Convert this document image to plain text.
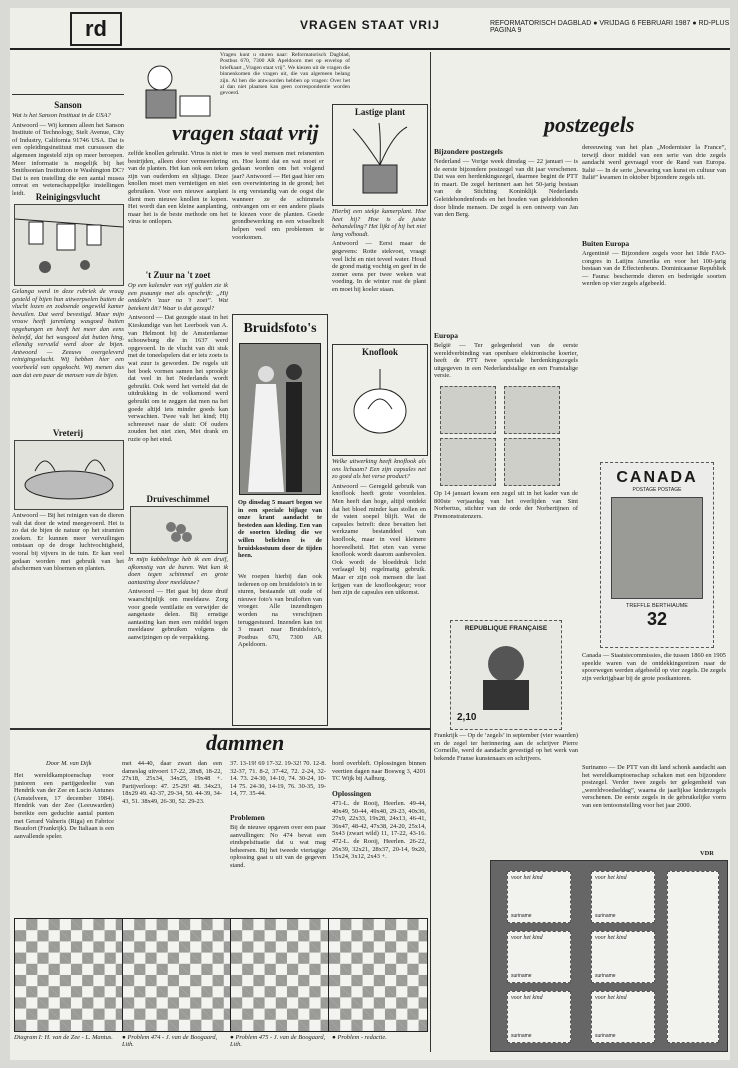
rd	VRAGEN STAAT VRIJ	REFORMATORISCH DAGBLAD ● VRIJDAG 6 FEBRUARI 1987 ● RD-PLUS PAGINA 9
Sanson

Wat is het Sanson Instituut in de USA?

Antwoord — Wij kennen alleen het Sanson Institute of Technology, Stelt Avenue, City of Industry, California 91746 USA. Dat is een opleidingsinstituut met cursussen die algemeen ingesteld zijn op meer beroepen. Meer informatie is mogelijk bij het Smithsonian Institution te Washington DC? Dat is een instelling die een aantal musea omvat en wetenschappelijke instellingen leidt.	Reinigingsvlucht

Gelanga werd in deze rubriek de vraag gesteld of bijen hun uitwerpselen buiten de vlucht lozen en zodoende ongewild kamer bevuilen. Dat werd bevestigd. Maar mijn vrouw heeft jarenlang wasgoed buiten opgehangen en heeft het meer dan eens beleefd, dat het wasgoed dat buiten hing, ellendig vervuild werd door de bijen. Antwoord — Zeeuws overgeleverd reinigingsvlucht. Wij hebben hier een voorbeeld van opgekocht. Wij menen dus aan dat een paar de mensen van de bijen.

Vreterij

Antwoord — Bij het reinigen van de dieren valt dat door de wind meegevoerd. Het is zo dat de bijen de natuur op het stramien zoeken. Er kunnen meer vervuilingen ontstaan op de droge luchtvochtigheid, vooral bij vijvers in de tuin. Er kan veel gedaan worden met gebruik van het afschermen van bloemen en planten.

Vragen kunt u sturen naar: Reformatorisch Dagblad, Postbus 670, 7300 AR Apeldoorn met op envelop of briefkaart „Vragen staat vrij”. We kiezen uit de vragen die binnenkomen die vragen uit, die van algemeen belang zijn. Al hen die antwoorden hebben op vragen: Over het al dan niet plaatsen kan geen correspondentie worden gevoerd.
vragen staat vrij
zelfde knollen gebruikt. Virus is niet te bestrijden, alleen door vermeerdering van de planten. Het kan ook een teken zijn van ouderdom en slijtage. Deze knollen moet men vernietigen en niet gebruiken. Voor een nieuwe aanplant dient men nieuwe knollen te kopen. Het wordt dan een kleine aanplanting, maar het is de beste methode om het virus te ontlopen.
't Zuur na 't zoet

Op een kalender van vijf gulden zie ik een psaumje met als opschrift: „Hij ontdekt'n 'zuur na 't zoet”. Wat betekent dit? Waar is dat gezegd?

Antwoord — Dat gezegde staat in het Kieskundige van het Leerboek van A. van Helmont bij de Amsterdamse schouwburg die in 1637 werd opgevoerd. In de vlucht van dit stuk met de toneelspelers dat er iets zoets is wat zuur is geworden. De regels uit het boek vormen samen het sprookje dat veel in het Nederlands wordt gebruikt. Ook werd het verteld dat de uitdrukking in de volksmond werd gebruikt om te zeggen dat men na het goede altijd iets minder goeds kan verwachten. Twee valt het kind; Hij schreeuwt naar de sluit: Of ouders zouden het niet zien, Met drank en ruzie op het eind.

Druiveschimmel

In mijn kabbelinge heb ik een druif, afkomstig van de buren. Wat kan ik doen tegen schimmel en grote aantasting door meeldauw?

Antwoord — Het gaat bij deze druif waarschijnlijk om meeldauw. Zorg voor goede ventilatie en verwijder de aangetaste delen. Bij ernstige aantasting kan men een middel tegen meeldauw gebruiken volgens de aanwijzingen op de verpakking.

mes te veel mensen met reisnenten en. Hoe komt dat en wat moet er gedaan worden om het volgend jaar? Antwoord — Het gaat hier om een overwintering in de grond; het is erg verstandig van de oogst die wanneer ze de schimmels ontvangen om er een andere plaats te kiezen voor de planten. Goede grondbewerking en een wisselteelt helpen veel om problemen te voorkomen.
Bruidsfoto's
Op dinsdag 5 maart begon we in een speciale bijlage van onze krant aandacht te besteden aan kleding. Een van de soorten kleding die we willen belichten is de bruidskostuum door de tijden heen.
We roepen hierbij dan ook iedereen op om bruidsfoto's in te sturen, bestaande uit oude of nieuwe foto's van bruiloften van vroeger. Alle inzendingen worden na verschijnen teruggestuurd. Inzenden kan tot 3 maart naar Bruidsfoto's, Postbus 670, 7300 AR Apeldoorn.
Lastige plant

Hierbij een stekje kamerplant. Hoe heet hij? Hoe is de juiste behandeling? Het lijkt of hij het niet lang volhoudt.

Antwoord — Eerst maar de gegevens: Rotte stekvoet, vraagt veel licht en niet teveel water. Houd de grond matig vochtig en geef in de zomer eens per twee weken wat voeding. In de winter rust de plant en moet hij koeler staan.

Knoflook

Welke uitwerking heeft knoflook als ons lichaam? Een zijn capsules net zo goed als het verse product?

Antwoord — Geregeld gebruik van knoflook heeft grote voordelen. Men heeft dan hoge, altijd ontdekt dat het bloed minder kan stollen en de vaten soepel blijft. Wat de capsules betreft: deze bevatten het werkzame bestanddeel van knoflook, maar in veel kleinere hoeveelheid. Het eten van verse knoflook wordt daarom aanbevolen. Ook wordt de bloeddruk licht verlaagd bij regelmatig gebruik. Maar er zijn ook mensen die last krijgen van de knoflookgeur; voor hen zijn de capsules een uitkomst.

postzegels
Bijzondere postzegels
Nederland — Vorige week dinsdag — 22 januari — is de eerste bijzondere postzegel van dit jaar verschenen. Dat was een herdenkingszegel, daarmee begint de PTT in maart. De zegel herinnert aan het 50-jarig bestaan van de Stichting Koninklijk Nederlands Geleidehondenfonds en het houden van geleidehonden door blinde mensen. De zegel is een ontwerp van Jan van den Berg.
Europa
België — Ter gelegenheid van de eerste wereldverbinding van openbare elektronische koerier, heeft de PTT twee speciale herdenkingszegels uitgegeven in een Nederlandstalige en een Franstalige versie.
Op 14 januari kwam een zegel uit in het kader van de 800ste verjaardag van het overlijden van Sint Norbertus, stichter van de orde der Norbertijnen of Premonstratenzers.
REPUBLIQUE FRANÇAISE
2,10
Frankrijk — Op de ‘zegels’ in september (vier waarden) en de zegel ter herinnering aan de schrijver Pierre Corneille, werd de aandacht gevestigd op het werk van bekende Franse kunstenaars en schrijvers.
dereeuwing van het plan „Modernisier la France”, terwijl door middel van een serie van drie zegels aandacht werd gevraagd voor de Rand van Europa. Italië — In de serie „bewaring van kunst en cultuur van Italië” kwamen in oktober bijzondere zegels uit.
Buiten Europa
Argentinië — Bijzondere zegels voor het 18de FAO-congres in Latijns Amerika en voor het 100-jarig bestaan van de Effectenbeurs. Dominicaanse Republiek — Fauna: beschermde dieren en bedreigde soorten werden op vier zegels afgebeeld.
CANADA
POSTAGE POSTAGE
TREFFLE BERTHIAUME
32
Canada — Staatsiecommissies, die tussen 1860 en 1905 speelde waren van de ontdekkingsreizen naar de spoorwegen werden afgebeeld op vier zegels. De zegels zijn verkrijgbaar bij de grote postkantoren.
Surinamo — De PTT van dit land schonk aandacht aan het wereldkampioenschap schaken met een bijzondere postzegel. Verder twee zegels ter gelegenheid van „wereldvoedseldag”, waarna de jaarlijkse kinderzegels verschenen. De eerste zegels in de gebruikelijke vorm van een tentoonstelling voor het jaar 2000.
VDR
voor het kind
suriname
voor het kind
suriname
voor het kind
suriname
voor het kind
suriname
voor het kind
suriname
voor het kind
suriname
dammen
Door M. van Dijk
Het wereldkampioenschap voor junioren een partijgedeelte van Hendrik van der Zee en Lucio Antunes (Amstelveen, 17 december 1984). Hendrik van der Zee (Leeuwarden) bereikte een geduchte aantal punten met Gerard Valneris (Riga) en Fabrice Beaufort (Frankrijk). De Italiaan is een aanvallende speler.
met 44-40, daar zwart dan een dameslag uitvoert 17-22, 28x8, 18-22, 27x18, 25x34, 34x25, 19x48 +. Partijverloop: 47. 25-29! 48. 34x23, 18x29 49. 42-37, 29-34, 50. 44-39, 34-43, 51. 38x49, 26-30, 52. 29-23.
37. 13-19! 69 17-32. 19-32! 70. 12-8. 32-37, 71. 8-2, 37-42, 72. 2-24, 32-14. 73. 24-30, 14-10, 74. 30-24, 10-14 75. 24-30, 14-19, 76. 30-35, 19-14, 77. 35-44.
Problemen
Bij de nieuwe opgaven over een paar aanvullingen: No 474 bevat een eindspelsituatie dat u wat mag beheersen. Bij het tweede viertagige oplossing gaat u uit van de gegeven stand.
bord overbleft. Oplossingen binnen veertien dagen naar Bosweg 3, 4201 TC Wijk bij Aalburg.
Oplossingen
471-L. de Rooij, Heerlen. 49-44, 40x49, 50-44, 49x40, 29-23, 40x36, 27x9, 22x33, 19x28, 24x13, 46-41, 36x47, 48-42, 47x38, 24-20, 25x14, 5x43 (zwart wild) 11, 17-22, 43-16. 472-L. de Rooij, Heerlen. 26-22, 26x39, 32x21, 28x37, 20-14, 9x20, 15x24, 3x12, 2x43 +.
Diagram I: H. van de Zee - L. Mantus.	● Problem 474 - J. van de Boogaard, Lith.
● Problem 475 - J. van de Boogaard, Lith.
● Problem - redactie.
